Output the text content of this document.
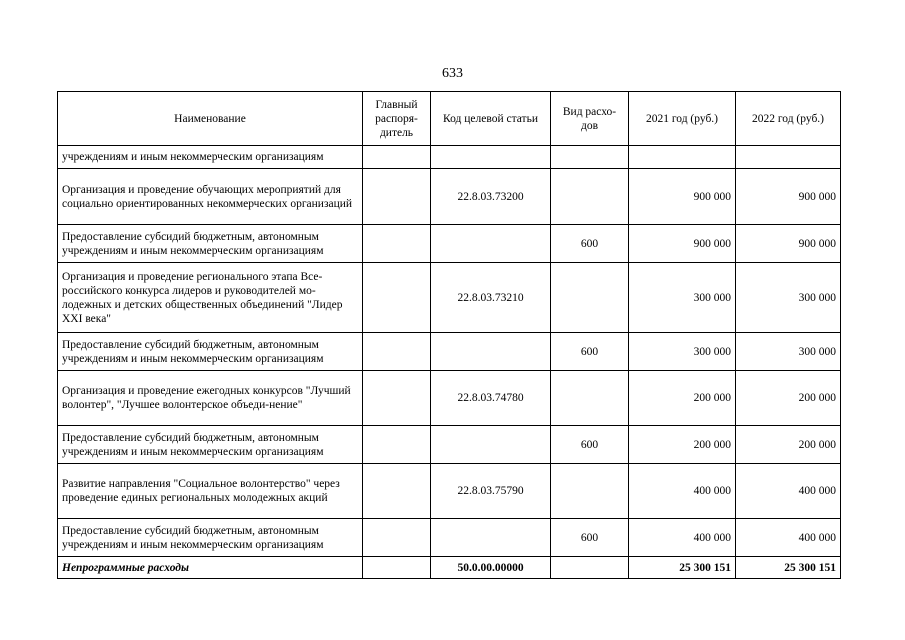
633
Наименование	Главный распоря- дитель	Код целевой статьи	Вид расхо- дов	2021 год (руб.)	2022 год (руб.)
учреждениям и иным некоммерческим организациям					
Организация и проведение обучающих мероприятий для социально ориентированных некоммерческих организаций		22.8.03.73200		900 000	900 000
Предоставление субсидий бюджетным, автономным учреждениям и иным некоммерческим организациям			600	900 000	900 000
Организация и проведение регионального этапа Все-российского конкурса лидеров и руководителей мо-лодежных и детских общественных объединений "Лидер XXI века"		22.8.03.73210		300 000	300 000
Предоставление субсидий бюджетным, автономным учреждениям и иным некоммерческим организациям			600	300 000	300 000
Организация и проведение ежегодных конкурсов "Лучший волонтер", "Лучшее волонтерское объеди-нение"		22.8.03.74780		200 000	200 000
Предоставление субсидий бюджетным, автономным учреждениям и иным некоммерческим организациям			600	200 000	200 000
Развитие направления "Социальное волонтерство" через проведение единых региональных молодежных акций		22.8.03.75790		400 000	400 000
Предоставление субсидий бюджетным, автономным учреждениям и иным некоммерческим организациям			600	400 000	400 000
Непрограммные расходы		50.0.00.00000		25 300 151	25 300 151
